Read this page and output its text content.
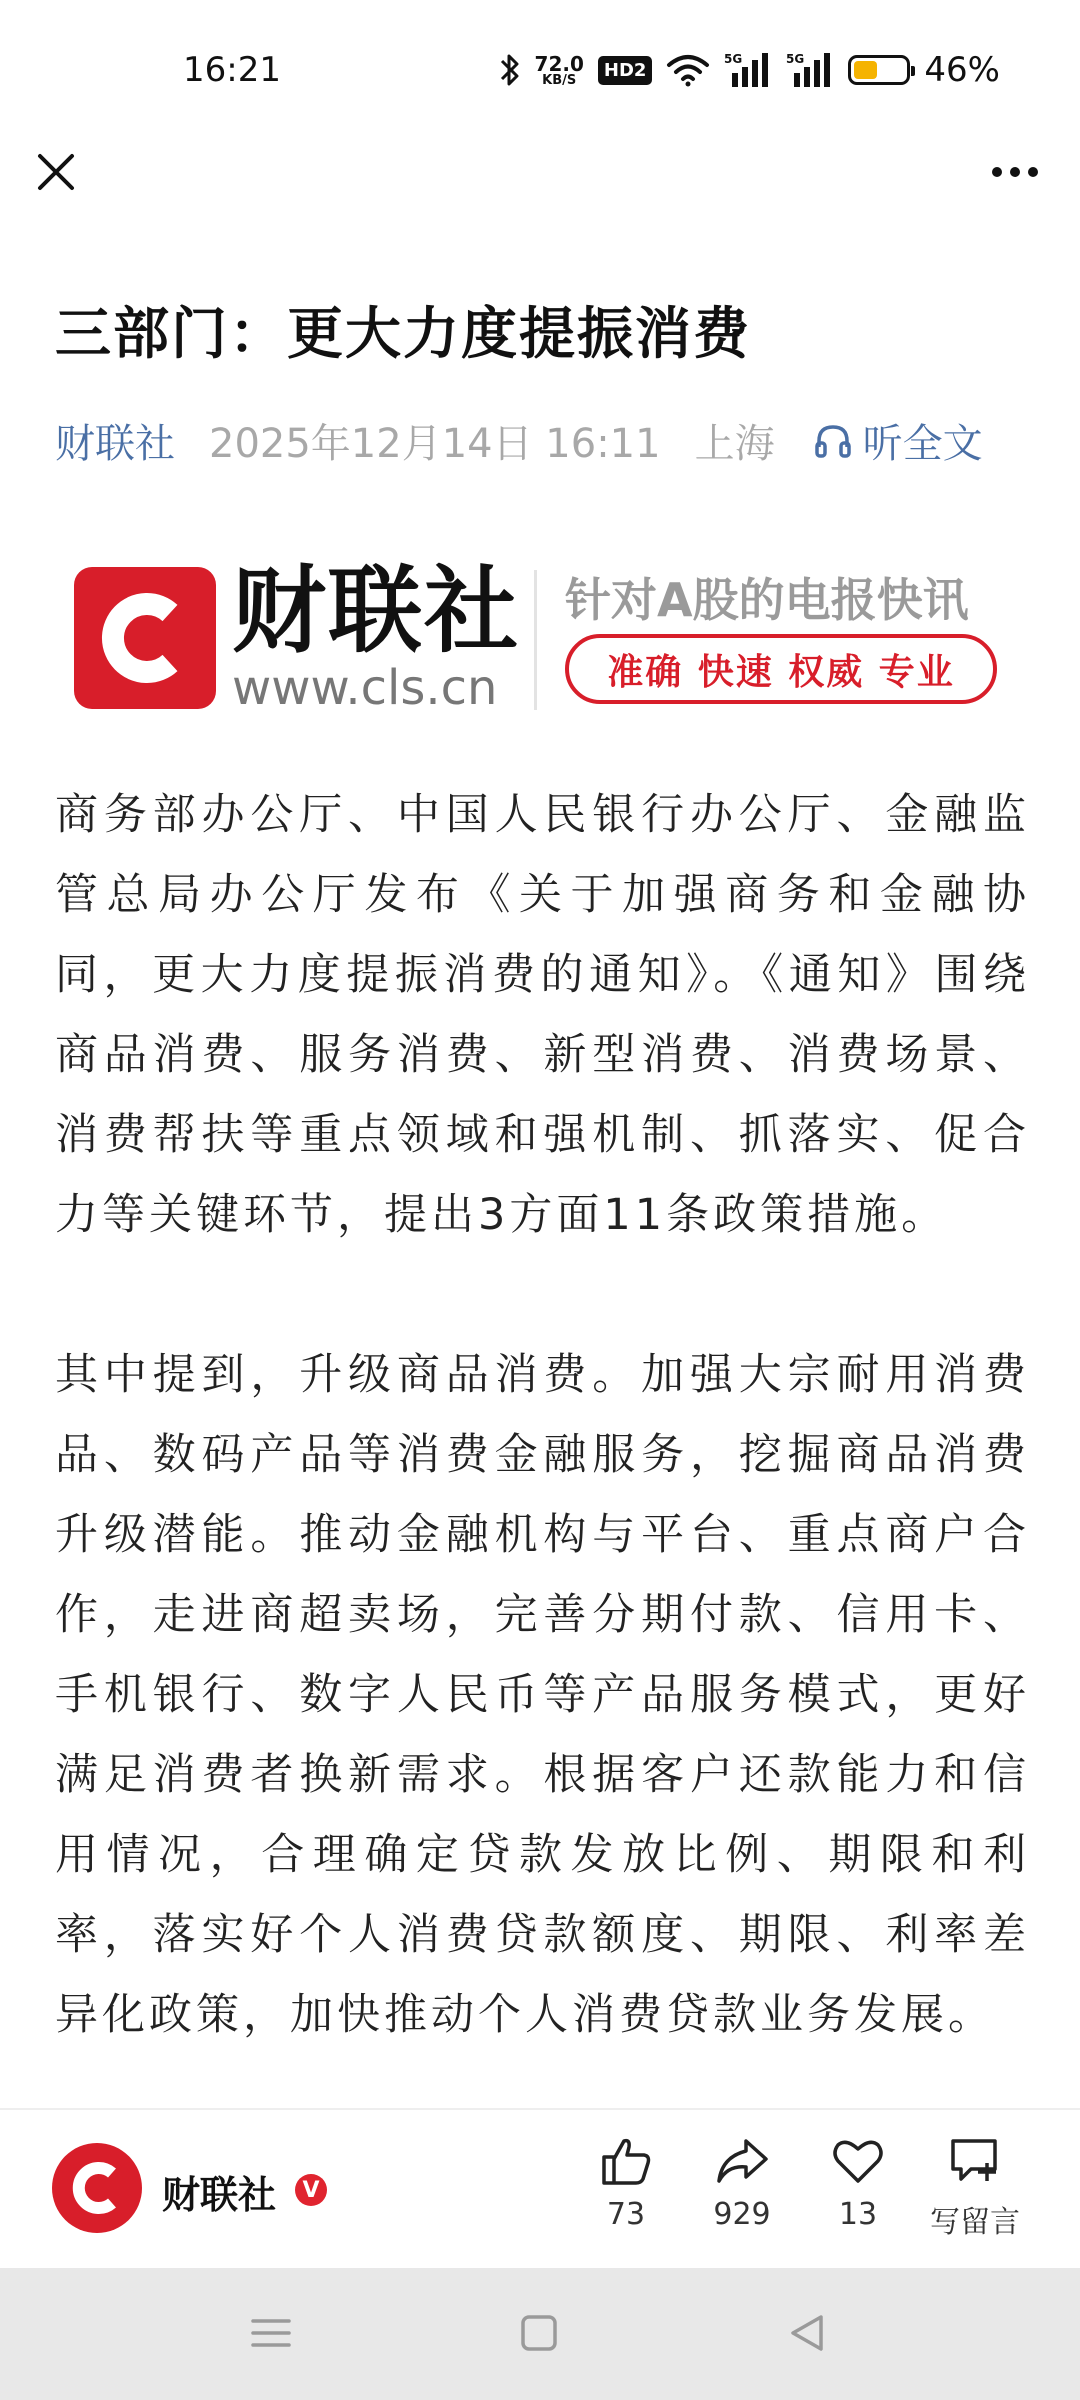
16:21	72.0
KB/S	HD2
5G	5G	46%
三部门：更大力度提振消费
财联社 2025年12月14日 16:11 上海 听全文
财联社
www.cls.cn
针对A股的电报快讯
准确 快速 权威 专业

商务部办公厅、中国人民银行办公厅、金融监管总局办公厅发布《关于加强商务和金融协同，更大力度提振消费的通知》。《通知》围绕商品消费、服务消费、新型消费、消费场景、消费帮扶等重点领域和强机制、抓落实、促合力等关键环节，提出3方面11条政策措施。

其中提到，升级商品消费。加强大宗耐用消费品、数码产品等消费金融服务，挖掘商品消费升级潜能。推动金融机构与平台、重点商户合作，走进商超卖场，完善分期付款、信用卡、手机银行、数字人民币等产品服务模式，更好满足消费者换新需求。根据客户还款能力和信用情况，合理确定贷款发放比例、期限和利率，落实好个人消费贷款额度、期限、利率差异化政策，加快推动个人消费贷款业务发展。

财联社	V
73 929 13 写留言
